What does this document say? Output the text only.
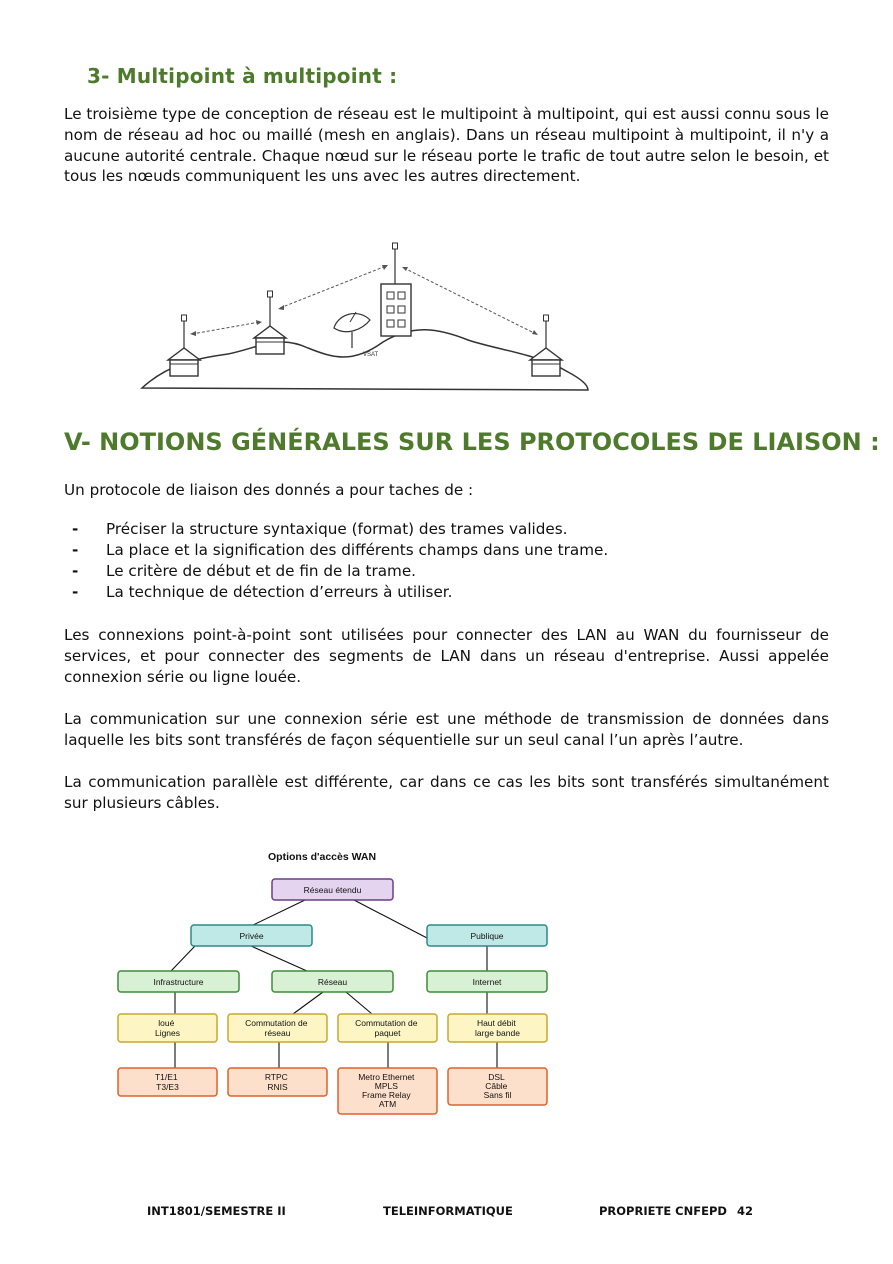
3- Multipoint à multipoint :
Le troisième type de conception de réseau est le multipoint à multipoint, qui est aussi connu sous le nom de réseau ad hoc ou maillé (mesh en anglais). Dans un réseau multipoint à multipoint, il n'y a aucune autorité centrale. Chaque nœud sur le réseau porte le trafic de tout autre selon le besoin, et tous les nœuds communiquent les uns avec les autres directement.
VSAT
V- NOTIONS GÉNÉRALES SUR LES PROTOCOLES DE LIAISON :
Un protocole de liaison des donnés a pour taches de :
- Préciser la structure syntaxique (format) des trames valides.
- La place et la signification des différents champs dans une trame.
- Le critère de début et de fin de la trame.
- La technique de détection d’erreurs à utiliser.
Les connexions point-à-point sont utilisées pour connecter des LAN au WAN du fournisseur de services, et pour connecter des segments de LAN dans un réseau d'entreprise. Aussi appelée connexion série ou ligne louée.
La communication sur une connexion série est une méthode de transmission de données dans laquelle les bits sont transférés de façon séquentielle sur un seul canal l’un après l’autre.
La communication parallèle est différente, car dans ce cas les bits sont transférés simultanément sur plusieurs câbles.
Options d'accès WAN
Réseau étendu
Privée	Publique
Infrastructure	Réseau	Internet
loué Lignes
Commutation de réseau
Commutation de paquet
Haut débit large bande
T1/E1 T3/E3
RTPC RNIS
Metro Ethernet MPLS Frame Relay ATM
DSL Câble Sans fil
INT1801/SEMESTRE II	TELEINFORMATIQUE	PROPRIETE CNFEPD 42
